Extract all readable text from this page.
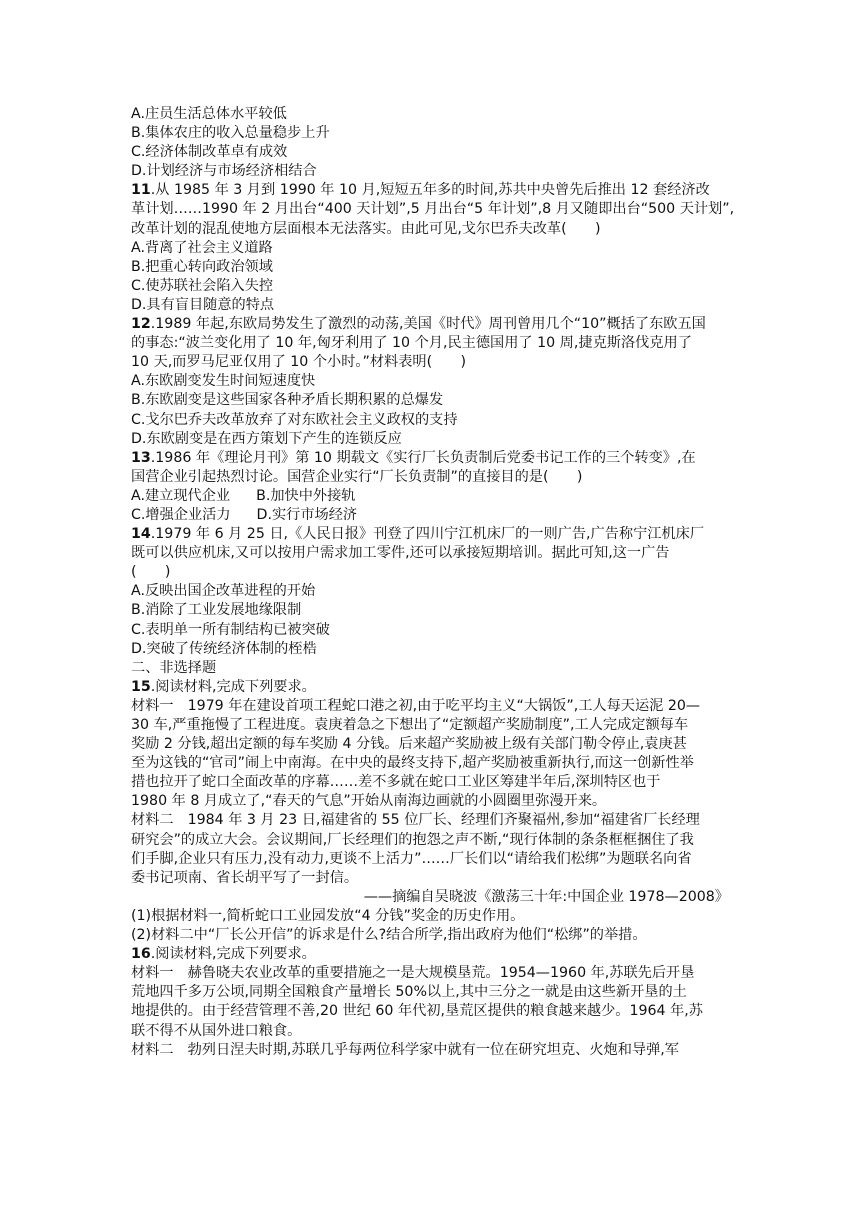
A.庄员生活总体水平较低
B.集体农庄的收入总量稳步上升
C.经济体制改革卓有成效
D.计划经济与市场经济相结合
11.从 1985 年 3 月到 1990 年 10 月,短短五年多的时间,苏共中央曾先后推出 12 套经济改
革计划……1990 年 2 月出台“400 天计划”,5 月出台“5 年计划”,8 月又随即出台“500 天计划”,
改革计划的混乱使地方层面根本无法落实。由此可见,戈尔巴乔夫改革(　　)
A.背离了社会主义道路
B.把重心转向政治领域
C.使苏联社会陷入失控
D.具有盲目随意的特点
12.1989 年起,东欧局势发生了激烈的动荡,美国《时代》周刊曾用几个“10”概括了东欧五国
的事态:“波兰变化用了 10 年,匈牙利用了 10 个月,民主德国用了 10 周,捷克斯洛伐克用了
10 天,而罗马尼亚仅用了 10 个小时。”材料表明(　　)
A.东欧剧变发生时间短速度快
B.东欧剧变是这些国家各种矛盾长期积累的总爆发
C.戈尔巴乔夫改革放弃了对东欧社会主义政权的支持
D.东欧剧变是在西方策划下产生的连锁反应
13.1986 年《理论月刊》第 10 期载文《实行厂长负责制后党委书记工作的三个转变》,在
国营企业引起热烈讨论。国营企业实行“厂长负责制”的直接目的是(　　)
A.建立现代企业 B.加快中外接轨
C.增强企业活力 D.实行市场经济
14.1979 年 6 月 25 日,《人民日报》刊登了四川宁江机床厂的一则广告,广告称宁江机床厂
既可以供应机床,又可以按用户需求加工零件,还可以承接短期培训。据此可知,这一广告
(　　)
A.反映出国企改革进程的开始
B.消除了工业发展地缘限制
C.表明单一所有制结构已被突破
D.突破了传统经济体制的桎梏
二、非选择题
15.阅读材料,完成下列要求。
材料一 1979 年在建设首项工程蛇口港之初,由于吃平均主义“大锅饭”,工人每天运泥 20—
30 车,严重拖慢了工程进度。袁庚着急之下想出了“定额超产奖励制度”,工人完成定额每车
奖励 2 分钱,超出定额的每车奖励 4 分钱。后来超产奖励被上级有关部门勒令停止,袁庚甚
至为这钱的“官司”闹上中南海。在中央的最终支持下,超产奖励被重新执行,而这一创新性举
措也拉开了蛇口全面改革的序幕……差不多就在蛇口工业区筹建半年后,深圳特区也于
1980 年 8 月成立了,“春天的气息”开始从南海边画就的小圆圈里弥漫开来。
材料二 1984 年 3 月 23 日,福建省的 55 位厂长、经理们齐聚福州,参加“福建省厂长经理
研究会”的成立大会。会议期间,厂长经理们的抱怨之声不断,“现行体制的条条框框捆住了我
们手脚,企业只有压力,没有动力,更谈不上活力”……厂长们以“请给我们松绑”为题联名向省
委书记项南、省长胡平写了一封信。
——摘编自吴晓波《激荡三十年:中国企业 1978—2008》
(1)根据材料一,简析蛇口工业园发放“4 分钱”奖金的历史作用。
(2)材料二中“厂长公开信”的诉求是什么?结合所学,指出政府为他们“松绑”的举措。
16.阅读材料,完成下列要求。
材料一 赫鲁晓夫农业改革的重要措施之一是大规模垦荒。1954—1960 年,苏联先后开垦
荒地四千多万公顷,同期全国粮食产量增长 50%以上,其中三分之一就是由这些新开垦的土
地提供的。由于经营管理不善,20 世纪 60 年代初,垦荒区提供的粮食越来越少。1964 年,苏
联不得不从国外进口粮食。
材料二 勃列日涅夫时期,苏联几乎每两位科学家中就有一位在研究坦克、火炮和导弹,军
